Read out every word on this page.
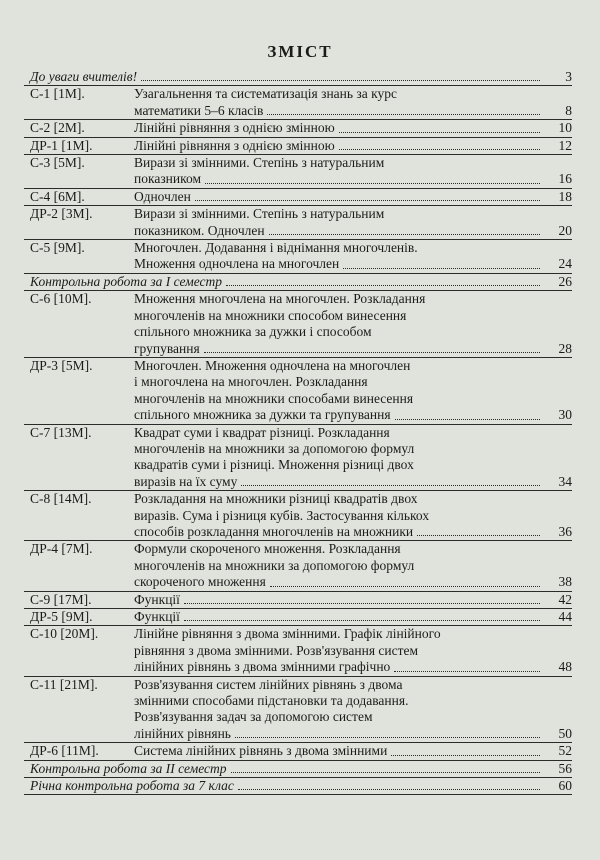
ЗМІСТ
До уваги вчителів!	3
С-1 [1М].	Узагальнення та систематизація знань за курс
математики 5–6 класів	8
С-2 [2М].	Лінійні рівняння з однією змінною	10
ДР-1 [1М].	Лінійні рівняння з однією змінною	12
С-3 [5М].	Вирази зі змінними. Степінь з натуральним
показником	16
С-4 [6М].	Одночлен	18
ДР-2 [3М].	Вирази зі змінними. Степінь з натуральним
показником. Одночлен	20
С-5 [9М].	Многочлен. Додавання і віднімання многочленів.
Множення одночлена на многочлен	24
Контрольна робота за І семестр	26
С-6 [10М].	Множення многочлена на многочлен. Розкладання
многочленів на множники способом винесення
спільного множника за дужки і способом
групування	28
ДР-3 [5М].	Многочлен. Множення одночлена на многочлен
і многочлена на многочлен. Розкладання
многочленів на множники способами винесення
спільного множника за дужки та групування	30
С-7 [13М].	Квадрат суми і квадрат різниці. Розкладання
многочленів на множники за допомогою формул
квадратів суми і різниці. Множення різниці двох
виразів на їх суму	34
С-8 [14М].	Розкладання на множники різниці квадратів двох
виразів. Сума і різниця кубів. Застосування кількох
способів розкладання многочленів на множники	36
ДР-4 [7М].	Формули скороченого множення. Розкладання
многочленів на множники за допомогою формул
скороченого множення	38
С-9 [17М].	Функції	42
ДР-5 [9М].	Функції	44
С-10 [20М].	Лінійне рівняння з двома змінними. Графік лінійного
рівняння з двома змінними. Розв'язування систем
лінійних рівнянь з двома змінними графічно	48
С-11 [21М].	Розв'язування систем лінійних рівнянь з двома
змінними способами підстановки та додавання.
Розв'язування задач за допомогою систем
лінійних рівнянь	50
ДР-6 [11М].	Система лінійних рівнянь з двома змінними	52
Контрольна робота за ІІ семестр	56
Річна контрольна робота за 7 клас	60
